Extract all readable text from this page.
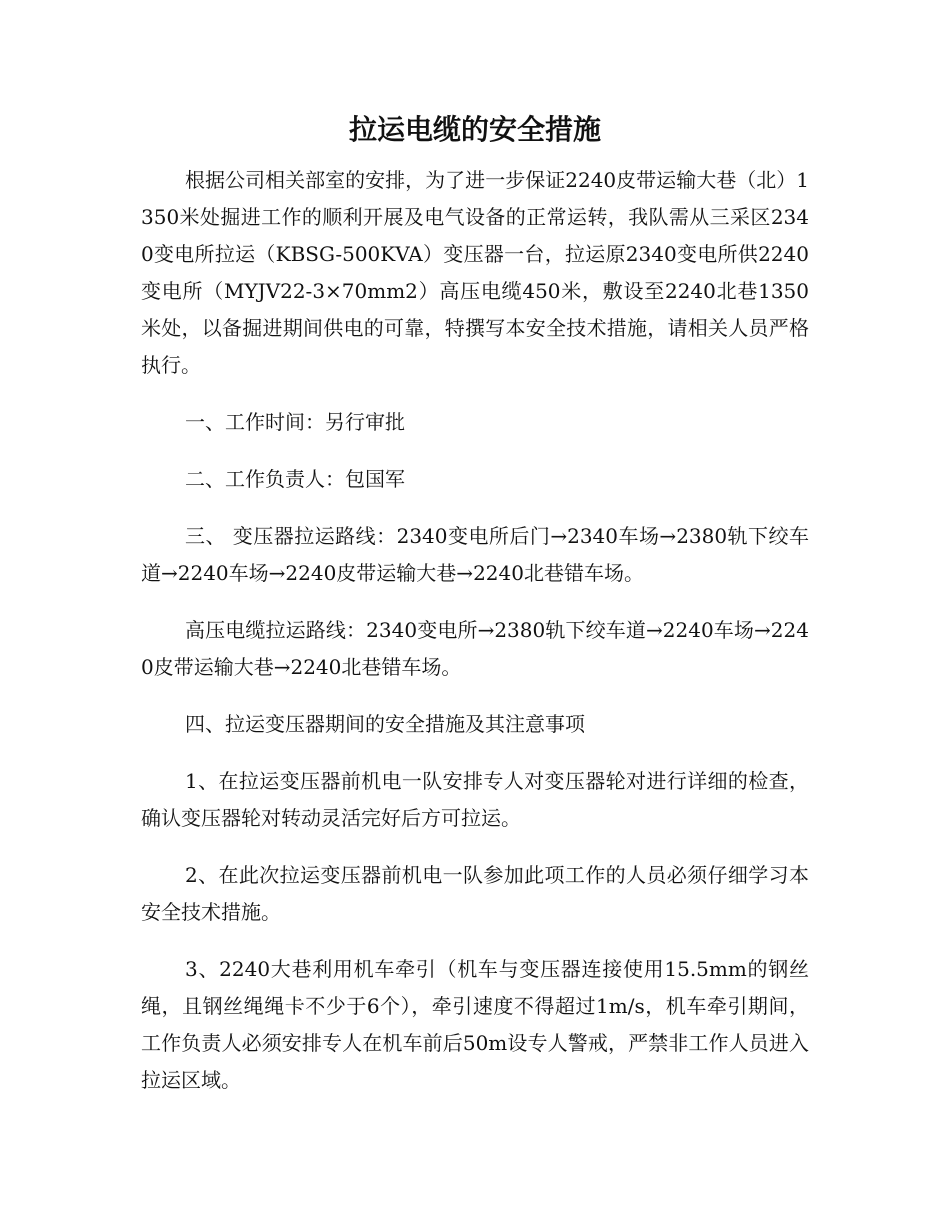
拉运电缆的安全措施

根据公司相关部室的安排，为了进一步保证2240皮带运输大巷（北）1350米处掘进工作的顺利开展及电气设备的正常运转，我队需从三采区2340变电所拉运（KBSG-500KVA）变压器一台，拉运原2340变电所供2240变电所（MYJV22-3×70mm2）高压电缆450米，敷设至2240北巷1350米处，以备掘进期间供电的可靠，特撰写本安全技术措施，请相关人员严格执行。

一、工作时间：另行审批

二、工作负责人：包国军

三、 变压器拉运路线：2340变电所后门→2340车场→2380轨下绞车道→2240车场→2240皮带运输大巷→2240北巷错车场。

高压电缆拉运路线：2340变电所→2380轨下绞车道→2240车场→2240皮带运输大巷→2240北巷错车场。

四、拉运变压器期间的安全措施及其注意事项

1、在拉运变压器前机电一队安排专人对变压器轮对进行详细的检查，确认变压器轮对转动灵活完好后方可拉运。

2、在此次拉运变压器前机电一队参加此项工作的人员必须仔细学习本安全技术措施。

3、2240大巷利用机车牵引（机车与变压器连接使用15.5mm的钢丝绳，且钢丝绳绳卡不少于6个），牵引速度不得超过1m/s，机车牵引期间，工作负责人必须安排专人在机车前后50m设专人警戒，严禁非工作人员进入拉运区域。
